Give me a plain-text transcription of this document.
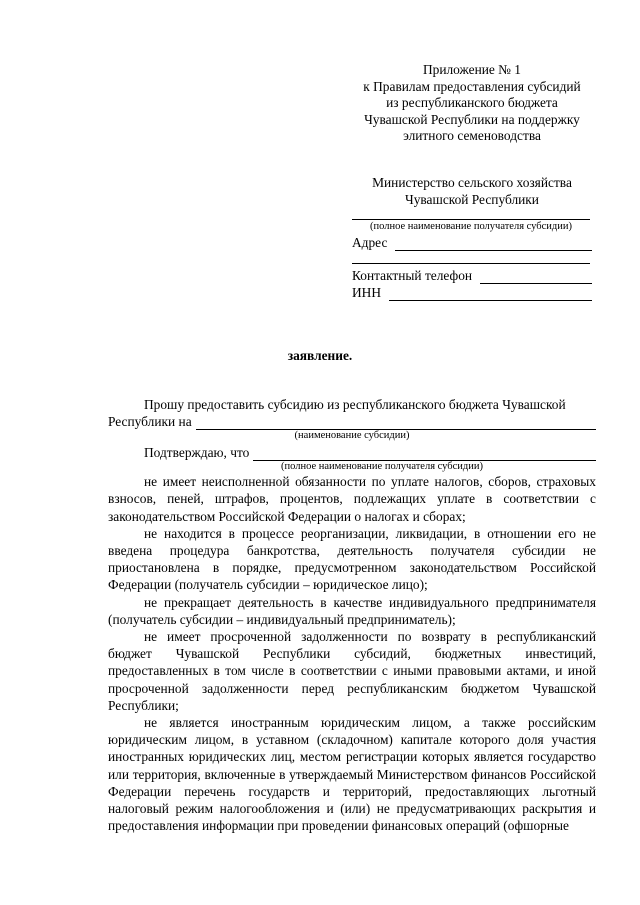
Приложение № 1
к Правилам предоставления субсидий
из республиканского бюджета
Чувашской Республики на поддержку
элитного семеноводства
Министерство сельского хозяйства
Чувашской Республики
(полное наименование получателя субсидии)
Адрес
Контактный телефон
ИНН
заявление.

Прошу предоставить субсидию из республиканского бюджета Чувашской

Республики на
(наименование субсидии)
Подтверждаю, что
(полное наименование получателя субсидии)

не имеет неисполненной обязанности по уплате налогов, сборов, страховых взносов, пеней, штрафов, процентов, подлежащих уплате в соответствии с законодательством Российской Федерации о налогах и сборах;

не находится в процессе реорганизации, ликвидации, в отношении его не введена процедура банкротства, деятельность получателя субсидии не приостановлена в порядке, предусмотренном законодательством Российской Федерации (получатель субсидии – юридическое лицо);

не прекращает деятельность в качестве индивидуального предпринимателя (получатель субсидии – индивидуальный предприниматель);

не имеет просроченной задолженности по возврату в республиканский бюджет Чувашской Республики субсидий, бюджетных инвестиций, предоставленных в том числе в соответствии с иными правовыми актами, и иной просроченной задолженности перед республиканским бюджетом Чувашской Республики;

не является иностранным юридическим лицом, а также российским юридическим лицом, в уставном (складочном) капитале которого доля участия иностранных юридических лиц, местом регистрации которых является государство или территория, включенные в утверждаемый Министерством финансов Российской Федерации перечень государств и территорий, предоставляющих льготный налоговый режим налогообложения и (или) не предусматривающих раскрытия и предоставления информации при проведении финансовых операций (офшорные
